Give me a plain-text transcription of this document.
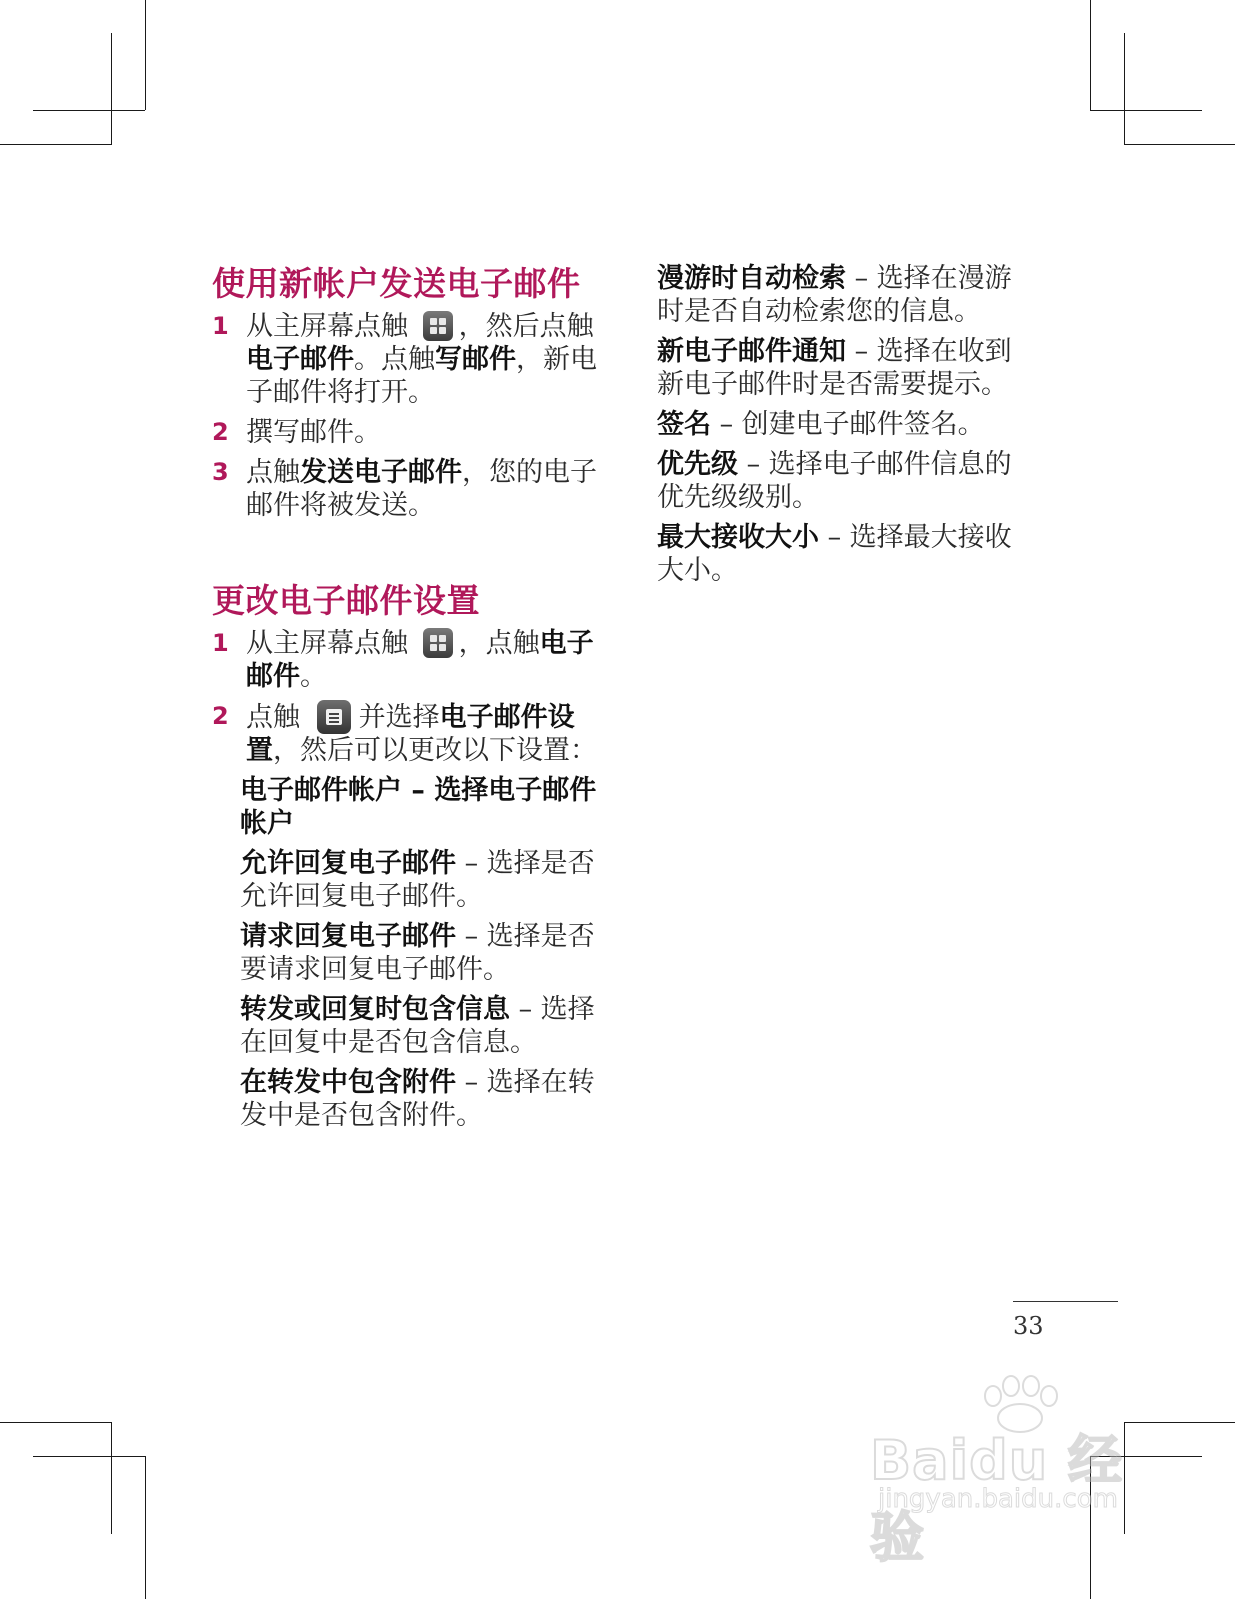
使用新帐户发送电子邮件
1 从主屏幕点触 ，然后点触电子邮件。点触写邮件，新电子邮件将打开。
2 撰写邮件。
3 点触发送电子邮件，您的电子邮件将被发送。
更改电子邮件设置
1 从主屏幕点触 ，点触电子邮件。
2 点触 并选择电子邮件设置，然后可以更改以下设置：
电子邮件帐户 – 选择电子邮件帐户
允许回复电子邮件 – 选择是否允许回复电子邮件。
请求回复电子邮件 – 选择是否要请求回复电子邮件。
转发或回复时包含信息 – 选择在回复中是否包含信息。
在转发中包含附件 – 选择在转发中是否包含附件。
漫游时自动检索 – 选择在漫游时是否自动检索您的信息。
新电子邮件通知 – 选择在收到新电子邮件时是否需要提示。
签名 – 创建电子邮件签名。
优先级 – 选择电子邮件信息的优先级级别。
最大接收大小 – 选择最大接收大小。
33
Baidu 经验
jingyan.baidu.com
